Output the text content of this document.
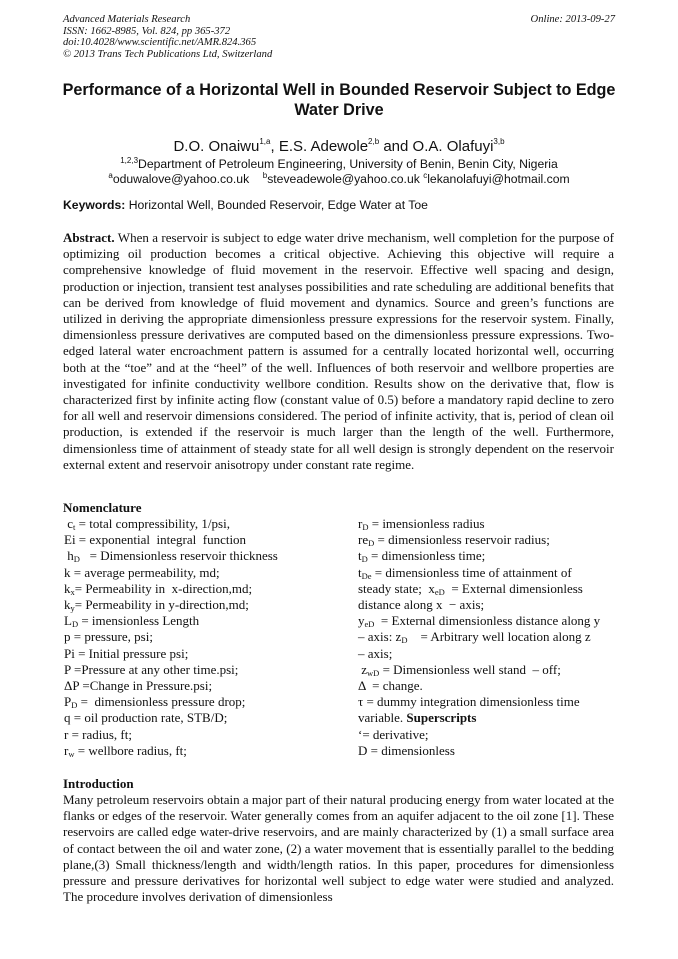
Advanced Materials Research
ISSN: 1662-8985, Vol. 824, pp 365-372
doi:10.4028/www.scientific.net/AMR.824.365
© 2013 Trans Tech Publications Ltd, Switzerland
Online: 2013-09-27
Performance of a Horizontal Well in Bounded Reservoir Subject to Edge Water Drive
D.O. Onaiwu$^{1,a}$, E.S. Adewole$^{2,b}$ and O.A. Olafuyi$^{3,b}$
$^{1,2,3}$Department of Petroleum Engineering, University of Benin, Benin City, Nigeria
$^a$oduwalove@yahoo.co.uk $^b$steveadewole@yahoo.co.uk $^c$lekanolafuyi@hotmail.com
Keywords: Horizontal Well, Bounded Reservoir, Edge Water at Toe
Abstract. When a reservoir is subject to edge water drive mechanism, well completion for the purpose of optimizing oil production becomes a critical objective. Achieving this objective will require a comprehensive knowledge of fluid movement in the reservoir. Effective well spacing and design, production or injection, transient test analyses possibilities and rate scheduling are additional benefits that can be derived from knowledge of fluid movement and dynamics. Source and green’s functions are utilized in deriving the appropriate dimensionless pressure expressions for the reservoir system. Finally, dimensionless pressure derivatives are computed based on the dimensionless pressure expressions. Two-edged lateral water encroachment pattern is assumed for a centrally located horizontal well, occurring both at the “toe” and at the “heel” of the well. Influences of both reservoir and wellbore properties are investigated for infinite conductivity wellbore condition. Results show on the derivative that, flow is characterized first by infinite acting flow (constant value of 0.5) before a mandatory rapid decline to zero for all well and reservoir dimensions considered. The period of infinite activity, that is, period of clean oil production, is extended if the reservoir is much larger than the length of the well. Furthermore, dimensionless time of attainment of steady state for all well design is strongly dependent on the reservoir external extent and reservoir anisotropy under constant rate regime.
Nomenclature
$c_t$ = total compressibility, 1/psi,
Ei = exponential  integral  function
$h_D$   = Dimensionless reservoir thickness
k = average permeability, md;
$k_x=$ Permeability in  x-direction,md;
$k_y=$ Permeability in y-direction,md;
$L_D$ = imensionless Length
p = pressure, psi;
Pi = Initial pressure psi;
P =Pressure at any other time.psi;
ΔP =Change in Pressure.psi;
$P_D$ =  dimensionless pressure drop;
q = oil production rate, STB/D;
r = radius, ft;
$r_w$ = wellbore radius, ft;
$r_D$ = imensionless radius
$re_D$ = dimensionless reservoir radius;
$t_D$ = dimensionless time;
$t_{De}$ = dimensionless time of attainment of
steady state;  $x_{eD}$  = External dimensionless
distance along x  − axis;
$y_{eD}$  = External dimensionless distance along y
– axis: $z_D$    = Arbitrary well location along z
– axis;
$z_{wD}$ = Dimensionless well stand  – off;
Δ  = change.
τ = dummy integration dimensionless time
variable. Superscripts
‘= derivative;
D = dimensionless
Introduction
Many petroleum reservoirs obtain a major part of their natural producing energy from water located at the flanks or edges of the reservoir. Water generally comes from an aquifer adjacent to the oil zone [1]. These reservoirs are called edge water-drive reservoirs, and are mainly characterized by (1) a small surface area of contact between the oil and water zone, (2) a water movement that is essentially parallel to the bedding plane,(3) Small thickness/length and width/length ratios. In this paper, procedures for dimensionless pressure and pressure derivatives for horizontal well subject to edge water were studied and analyzed. The procedure involves derivation of dimensionless
